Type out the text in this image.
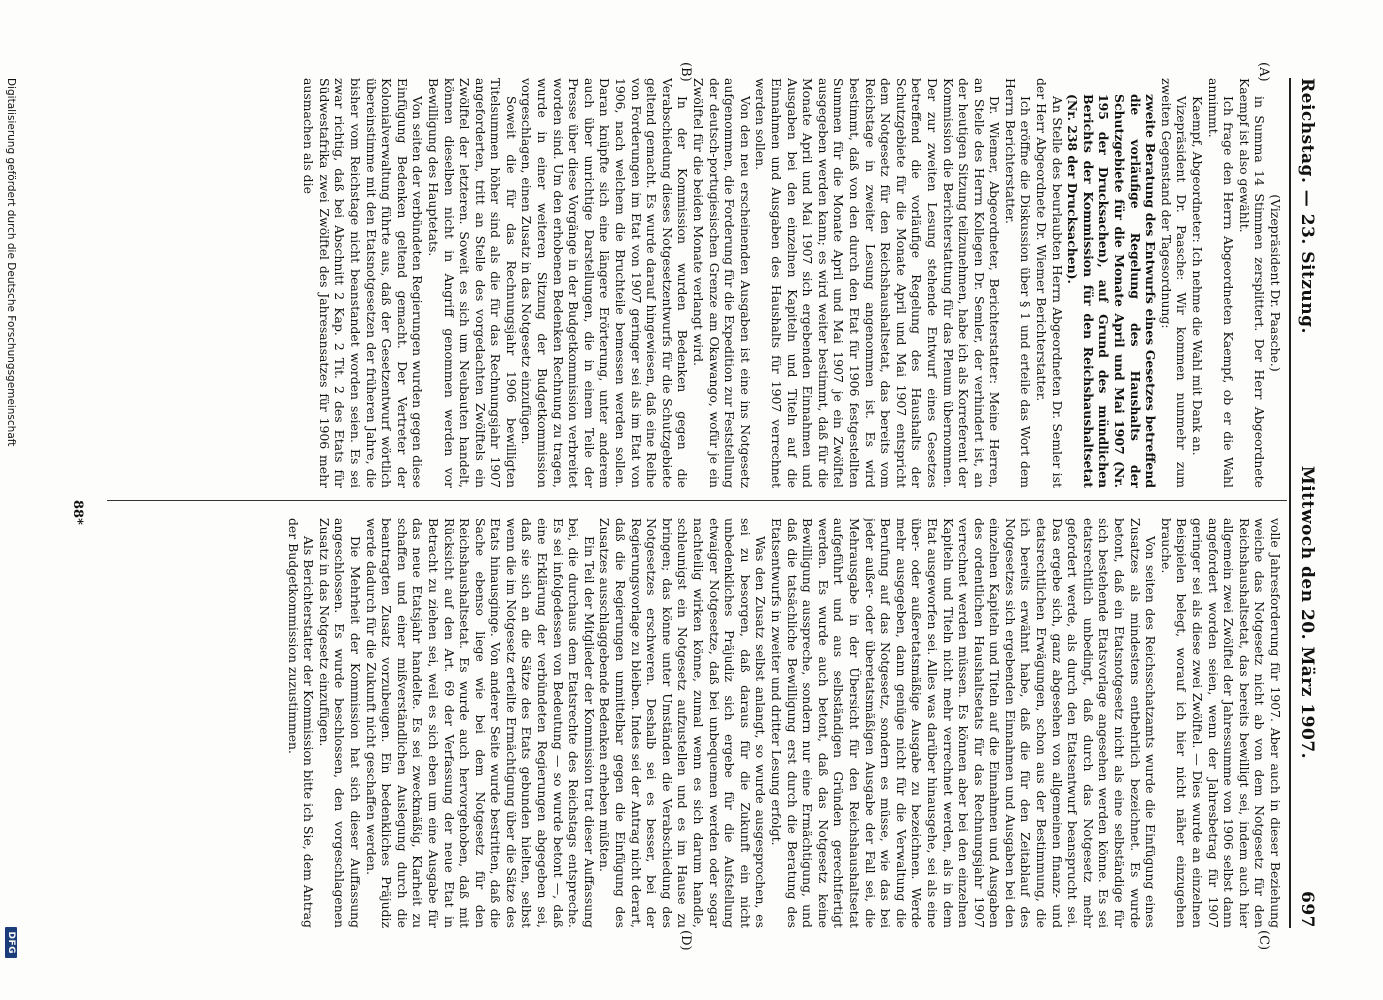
Reichstag. — 23. Sitzung.
Mittwoch den 20. März 1907.
697
(A)
(B)
(C)
(D)

(Vizepräsident Dr. Paasche.)

in Summa 14 Stimmen zersplittert. Der Herr Abgeordnete Kaempf ist also gewählt.

Ich frage den Herrn Abgeordneten Kaempf, ob er die Wahl annimmt.

Kaempf, Abgeordneter: Ich nehme die Wahl mit Dank an.

Vizepräsident Dr. Paasche: Wir kommen nunmehr zum zweiten Gegenstand der Tagesordnung:

zweite Beratung des Entwurfs eines Gesetzes betreffend die vorläufige Regelung des Haushalts der Schutzgebiete für die Monate April und Mai 1907 (Nr. 195 der Drucksachen), auf Grund des mündlichen Berichts der Kommission für den Reichshaushaltsetat (Nr. 238 der Drucksachen).

An Stelle des beurlaubten Herrn Abgeordneten Dr. Semler ist der Herr Abgeordnete Dr. Wiemer Berichterstatter.

Ich eröffne die Diskussion über § 1 und erteile das Wort dem Herrn Berichterstatter.

Dr. Wiemer, Abgeordneter, Berichterstatter: Meine Herren, an Stelle des Herrn Kollegen Dr. Semler, der verhindert ist, an der heutigen Sitzung teilzunehmen, habe ich als Korreferent der Kommission die Berichterstattung für das Plenum übernommen. Der zur zweiten Lesung stehende Entwurf eines Gesetzes betreffend die vorläufige Regelung des Haushalts der Schutzgebiete für die Monate April und Mai 1907 entspricht dem Notgesetz für den Reichshaushaltsetat, das bereits vom Reichstage in zweiter Lesung angenommen ist. Es wird bestimmt, daß von den durch den Etat für 1906 festgestellten Summen für die Monate April und Mai 1907 je ein Zwölftel ausgegeben werden kann; es wird weiter bestimmt, daß für die Monate April und Mai 1907 sich ergebenden Einnahmen und Ausgaben bei den einzelnen Kapiteln und Titeln auf die Einnahmen und Ausgaben des Haushalts für 1907 verrechnet werden sollen.

Von den neu erscheinenden Ausgaben ist eine ins Notgesetz aufgenommen, die Forderung für die Expedition zur Feststellung der deutsch-portugiesischen Grenze am Okawango, wofür je ein Zwölftel für die beiden Monate verlangt wird.

In der Kommission wurden Bedenken gegen die Verabschiedung dieses Notgesetzentwurfs für die Schutzgebiete geltend gemacht. Es wurde darauf hingewiesen, daß eine Reihe von Forderungen im Etat von 1907 geringer sei als im Etat von 1906, nach welchem die Bruchteile bemessen werden sollen. Daran knüpfte sich eine längere Erörterung, unter anderem auch über unrichtige Darstellungen, die in einem Teile der Presse über diese Vorgänge in der Budgetkommission verbreitet worden sind. Um den erhobenen Bedenken Rechnung zu tragen, wurde in einer weiteren Sitzung der Budgetkommission vorgeschlagen, einen Zusatz in das Notgesetz einzufügen.

Soweit die für das Rechnungsjahr 1906 bewilligten Titelsummen höher sind als die für das Rechnungsjahr 1907 angeforderten, tritt an Stelle des vorgedachten Zwölftels ein Zwölftel der letzteren. Soweit es sich um Neubauten handelt, können dieselben nicht in Angriff genommen werden vor Bewilligung des Hauptetats.

Von seiten der verbündeten Regierungen wurden gegen diese Einfügung Bedenken geltend gemacht. Der Vertreter der Kolonialverwaltung führte aus, daß der Gesetzentwurf wörtlich übereinstimme mit den Etatsnotgesetzen der früheren Jahre, die bisher vom Reichstage nicht beanstandet worden seien. Es sei zwar richtig, daß bei Abschnitt 2 Kap. 2 Tit. 2 des Etats für Südwestafrika zwei Zwölftel des Jahresansatzes für 1906 mehr ausmachen als die

volle Jahresforderung für 1907. Aber auch in dieser Beziehung weiche das Notgesetz nicht ab von dem Notgesetz für den Reichshaushaltsetat, das bereits bewilligt sei, indem auch hier allgemein zwei Zwölftel der Jahressumme von 1906 selbst dann angefordert worden seien, wenn der Jahresbetrag für 1907 geringer sei als diese zwei Zwölftel. — Dies wurde an einzelnen Beispielen belegt, worauf ich hier nicht näher einzugehen brauche.

Von seiten des Reichsschatzamts wurde die Einfügung eines Zusatzes als mindestens entbehrlich bezeichnet. Es wurde betont, daß ein Etatsnotgesetz nicht als eine selbständige für sich bestehende Etatsvorlage angesehen werden könne. Es sei etatsrechtlich unbedingt, daß durch das Notgesetz mehr gefordert werde, als durch den Etatsentwurf beansprucht sei. Das ergebe sich, ganz abgesehen von allgemeinen finanz- und etatsrechtlichen Erwägungen, schon aus der Bestimmung, die ich bereits erwähnt habe, daß die für den Zeitablauf des Notgesetzes sich ergebenden Einnahmen und Ausgaben bei den einzelnen Kapiteln und Titeln auf die Einnahmen und Ausgaben des ordentlichen Haushaltsetats für das Rechnungsjahr 1907 verrechnet werden müssen. Es können aber bei den einzelnen Kapiteln und Titeln nicht mehr verrechnet werden, als in dem Etat ausgeworfen sei. Alles was darüber hinausgehe, sei als eine über- oder außeretatsmäßige Ausgabe zu bezeichnen. Werde mehr ausgegeben, dann genüge nicht für die Verwaltung die Berufung auf das Notgesetz, sondern es müsse, wie das bei jeder außer- oder überetatsmäßigen Ausgabe der Fall sei, die Mehrausgabe in der Übersicht für den Reichshaushaltsetat aufgeführt und aus selbständigen Gründen gerechtfertigt werden. Es wurde auch betont, daß das Notgesetz keine Bewilligung ausspreche, sondern nur eine Ermächtigung, und daß die tatsächliche Bewilligung erst durch die Beratung des Etatsentwurfs in zweiter und dritter Lesung erfolgt.

Was den Zusatz selbst anlangt, so wurde ausgesprochen, es sei zu besorgen, daß daraus für die Zukunft ein nicht unbedenkliches Präjudiz sich ergebe für die Aufstellung etwaiger Notgesetze, daß bei unbequemen werden oder sogar nachteilig wirken könne, zumal wenn es sich darum handle, schleunigst ein Notgesetz aufzustellen und es im Hause zu bringen; das könne unter Umständen die Verabschiedung des Notgesetzes erschweren. Deshalb sei es besser, bei der Regierungsvorlage zu bleiben. Indes sei der Antrag nicht derart, daß die Regierungen unmittelbar gegen die Einfügung des Zusatzes ausschlaggebende Bedenken erheben müßten.

Ein Teil der Mitglieder der Kommission trat dieser Auffassung bei, die durchaus dem Etatsrechte des Reichstags entspreche. Es sei infolgedessen von Bedeutung — so wurde betont —, daß eine Erklärung der verbündeten Regierungen abgegeben sei, daß sie sich an die Sätze des Etats gebunden hielten, selbst wenn die im Notgesetz erteilte Ermächtigung über die Sätze des Etats hinausginge. Von anderer Seite wurde bestritten, daß die Sache ebenso liege wie bei dem Notgesetz für den Reichshaushaltsetat. Es wurde auch hervorgehoben, daß mit Rücksicht auf den Art. 69 der Verfassung der neue Etat in Betracht zu ziehen sei, weil es sich eben um eine Ausgabe für das neue Etatsjahr handelte. Es sei zweckmäßig, Klarheit zu schaffen und einer mißverständlichen Auslegung durch die beantragten Zusatz vorzubeugen. Ein bedenkliches Präjudiz werde dadurch für die Zukunft nicht geschaffen werden.

Die Mehrheit der Kommission hat sich dieser Auffassung angeschlossen. Es wurde beschlossen, den vorgeschlagenen Zusatz in das Notgesetz einzufügen.

Als Berichterstatter der Kommission bitte ich Sie, dem Antrag der Budgetkommission zuzustimmen.

88*
Digitalisierung gefördert durch die Deutsche Forschungsgemeinschaft
DFG
